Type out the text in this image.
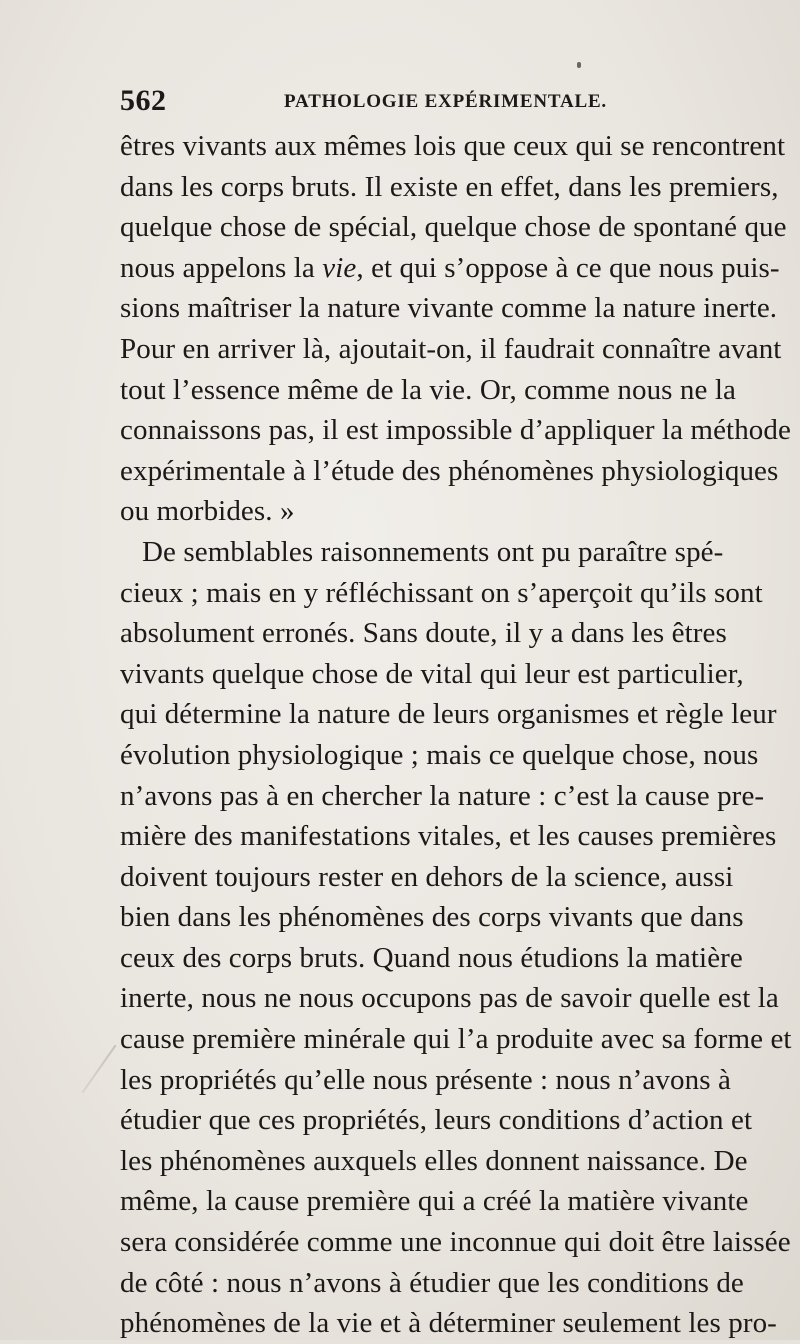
562	PATHOLOGIE EXPÉRIMENTALE.
êtres vivants aux mêmes lois que ceux qui se rencontrent
dans les corps bruts. Il existe en effet, dans les premiers,
quelque chose de spécial, quelque chose de spontané que
nous appelons la vie, et qui s’oppose à ce que nous puis-
sions maîtriser la nature vivante comme la nature inerte.
Pour en arriver là, ajoutait-on, il faudrait connaître avant
tout l’essence même de la vie. Or, comme nous ne la
connaissons pas, il est impossible d’appliquer la méthode
expérimentale à l’étude des phénomènes physiologiques
ou morbides. »
De semblables raisonnements ont pu paraître spé-
cieux ; mais en y réfléchissant on s’aperçoit qu’ils sont
absolument erronés. Sans doute, il y a dans les êtres
vivants quelque chose de vital qui leur est particulier,
qui détermine la nature de leurs organismes et règle leur
évolution physiologique ; mais ce quelque chose, nous
n’avons pas à en chercher la nature : c’est la cause pre-
mière des manifestations vitales, et les causes premières
doivent toujours rester en dehors de la science, aussi
bien dans les phénomènes des corps vivants que dans
ceux des corps bruts. Quand nous étudions la matière
inerte, nous ne nous occupons pas de savoir quelle est la
cause première minérale qui l’a produite avec sa forme et
les propriétés qu’elle nous présente : nous n’avons à
étudier que ces propriétés, leurs conditions d’action et
les phénomènes auxquels elles donnent naissance. De
même, la cause première qui a créé la matière vivante
sera considérée comme une inconnue qui doit être laissée
de côté : nous n’avons à étudier que les conditions de
phénomènes de la vie et à déterminer seulement les pro-
